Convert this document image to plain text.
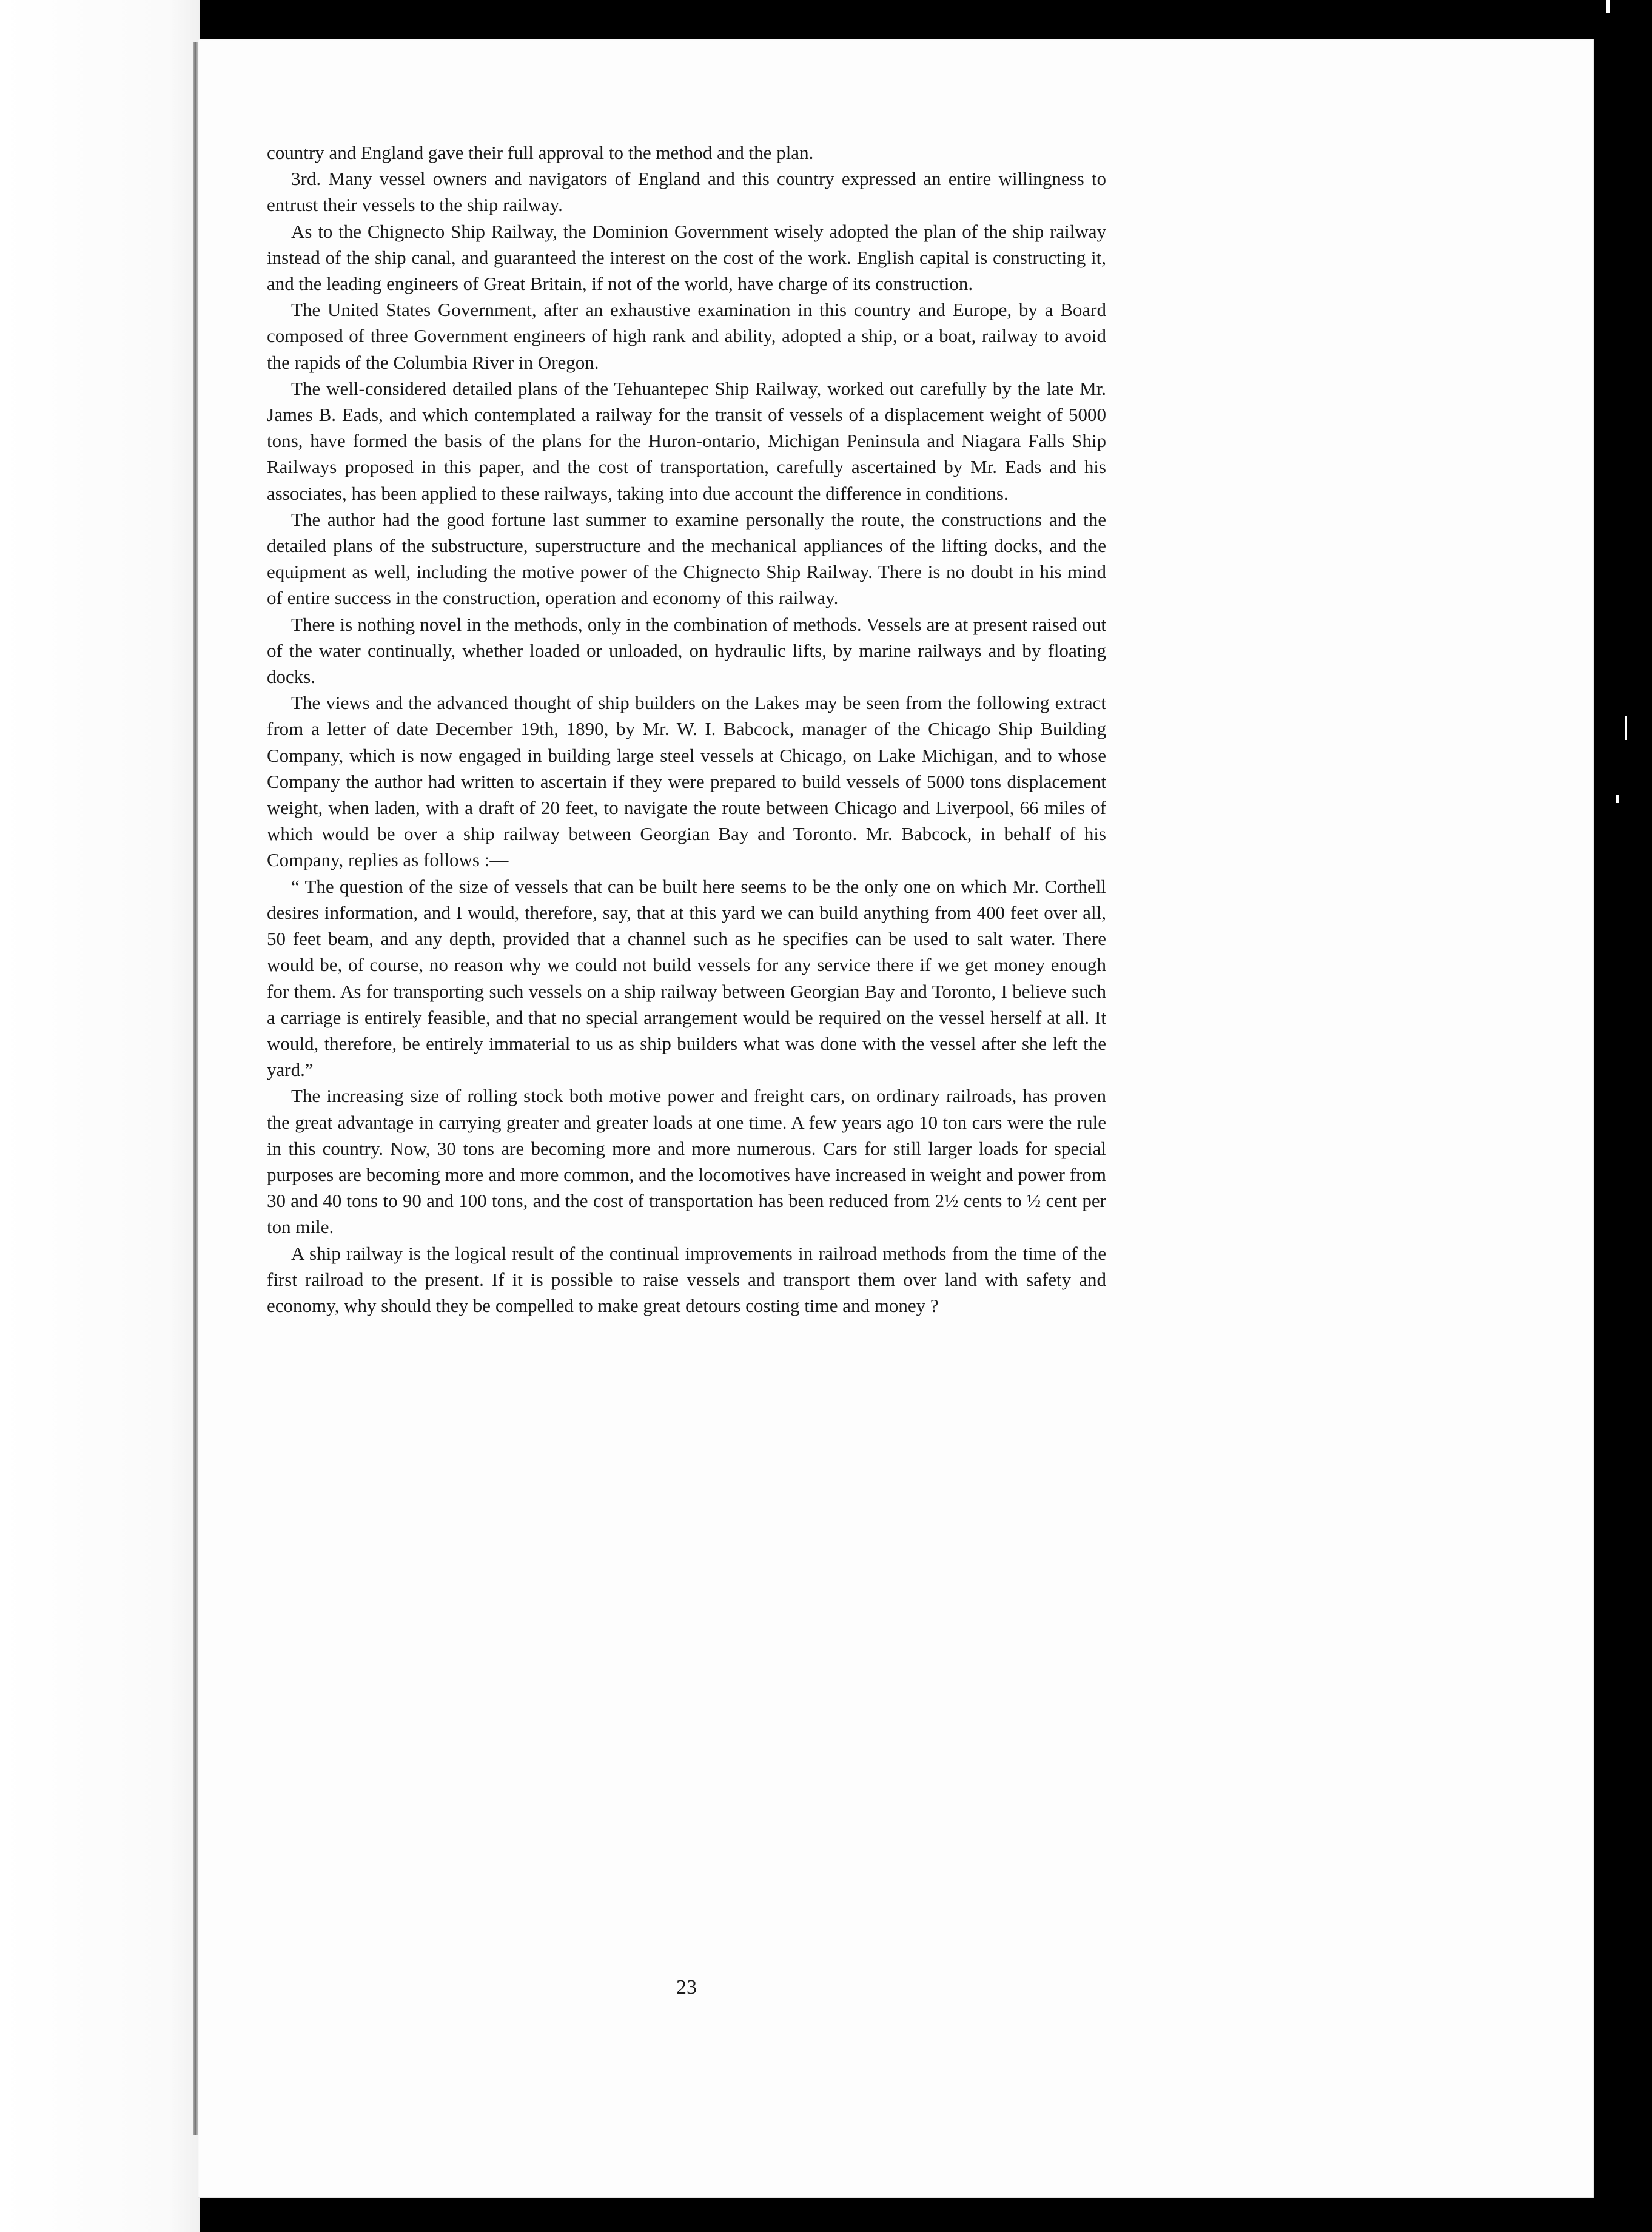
country and England gave their full approval to the method and the plan.

3rd. Many vessel owners and navigators of England and this country expressed an entire willingness to entrust their vessels to the ship railway.

As to the Chignecto Ship Railway, the Dominion Government wisely adopted the plan of the ship railway instead of the ship canal, and guaranteed the interest on the cost of the work. English capital is constructing it, and the leading engineers of Great Britain, if not of the world, have charge of its construction.

The United States Government, after an exhaustive examination in this country and Europe, by a Board composed of three Government engineers of high rank and ability, adopted a ship, or a boat, railway to avoid the rapids of the Columbia River in Oregon.

The well-considered detailed plans of the Tehuantepec Ship Railway, worked out carefully by the late Mr. James B. Eads, and which contemplated a railway for the transit of vessels of a displacement weight of 5000 tons, have formed the basis of the plans for the Huron-ontario, Michigan Peninsula and Niagara Falls Ship Railways proposed in this paper, and the cost of transportation, carefully ascertained by Mr. Eads and his associates, has been applied to these railways, taking into due account the difference in conditions.

The author had the good fortune last summer to examine personally the route, the constructions and the detailed plans of the substructure, superstructure and the mechanical appliances of the lifting docks, and the equipment as well, including the motive power of the Chignecto Ship Railway. There is no doubt in his mind of entire success in the construction, operation and economy of this railway.

There is nothing novel in the methods, only in the combination of methods. Vessels are at present raised out of the water continually, whether loaded or unloaded, on hydraulic lifts, by marine railways and by floating docks.

The views and the advanced thought of ship builders on the Lakes may be seen from the following extract from a letter of date December 19th, 1890, by Mr. W. I. Babcock, manager of the Chicago Ship Building Company, which is now engaged in building large steel vessels at Chicago, on Lake Michigan, and to whose Company the author had written to ascertain if they were prepared to build vessels of 5000 tons displacement weight, when laden, with a draft of 20 feet, to navigate the route between Chicago and Liverpool, 66 miles of which would be over a ship railway between Georgian Bay and Toronto. Mr. Babcock, in behalf of his Company, replies as follows :—

“ The question of the size of vessels that can be built here seems to be the only one on which Mr. Corthell desires information, and I would, therefore, say, that at this yard we can build anything from 400 feet over all, 50 feet beam, and any depth, provided that a channel such as he specifies can be used to salt water. There would be, of course, no reason why we could not build vessels for any service there if we get money enough for them. As for transporting such vessels on a ship railway between Georgian Bay and Toronto, I believe such a carriage is entirely feasible, and that no special arrangement would be required on the vessel herself at all. It would, therefore, be entirely immaterial to us as ship builders what was done with the vessel after she left the yard.”

The increasing size of rolling stock both motive power and freight cars, on ordinary railroads, has proven the great advantage in carrying greater and greater loads at one time. A few years ago 10 ton cars were the rule in this country. Now, 30 tons are becoming more and more numerous. Cars for still larger loads for special purposes are becoming more and more common, and the locomotives have increased in weight and power from 30 and 40 tons to 90 and 100 tons, and the cost of transportation has been reduced from 2½ cents to ½ cent per ton mile.

A ship railway is the logical result of the continual improvements in railroad methods from the time of the first railroad to the present. If it is possible to raise vessels and transport them over land with safety and economy, why should they be compelled to make great detours costing time and money ?

23
